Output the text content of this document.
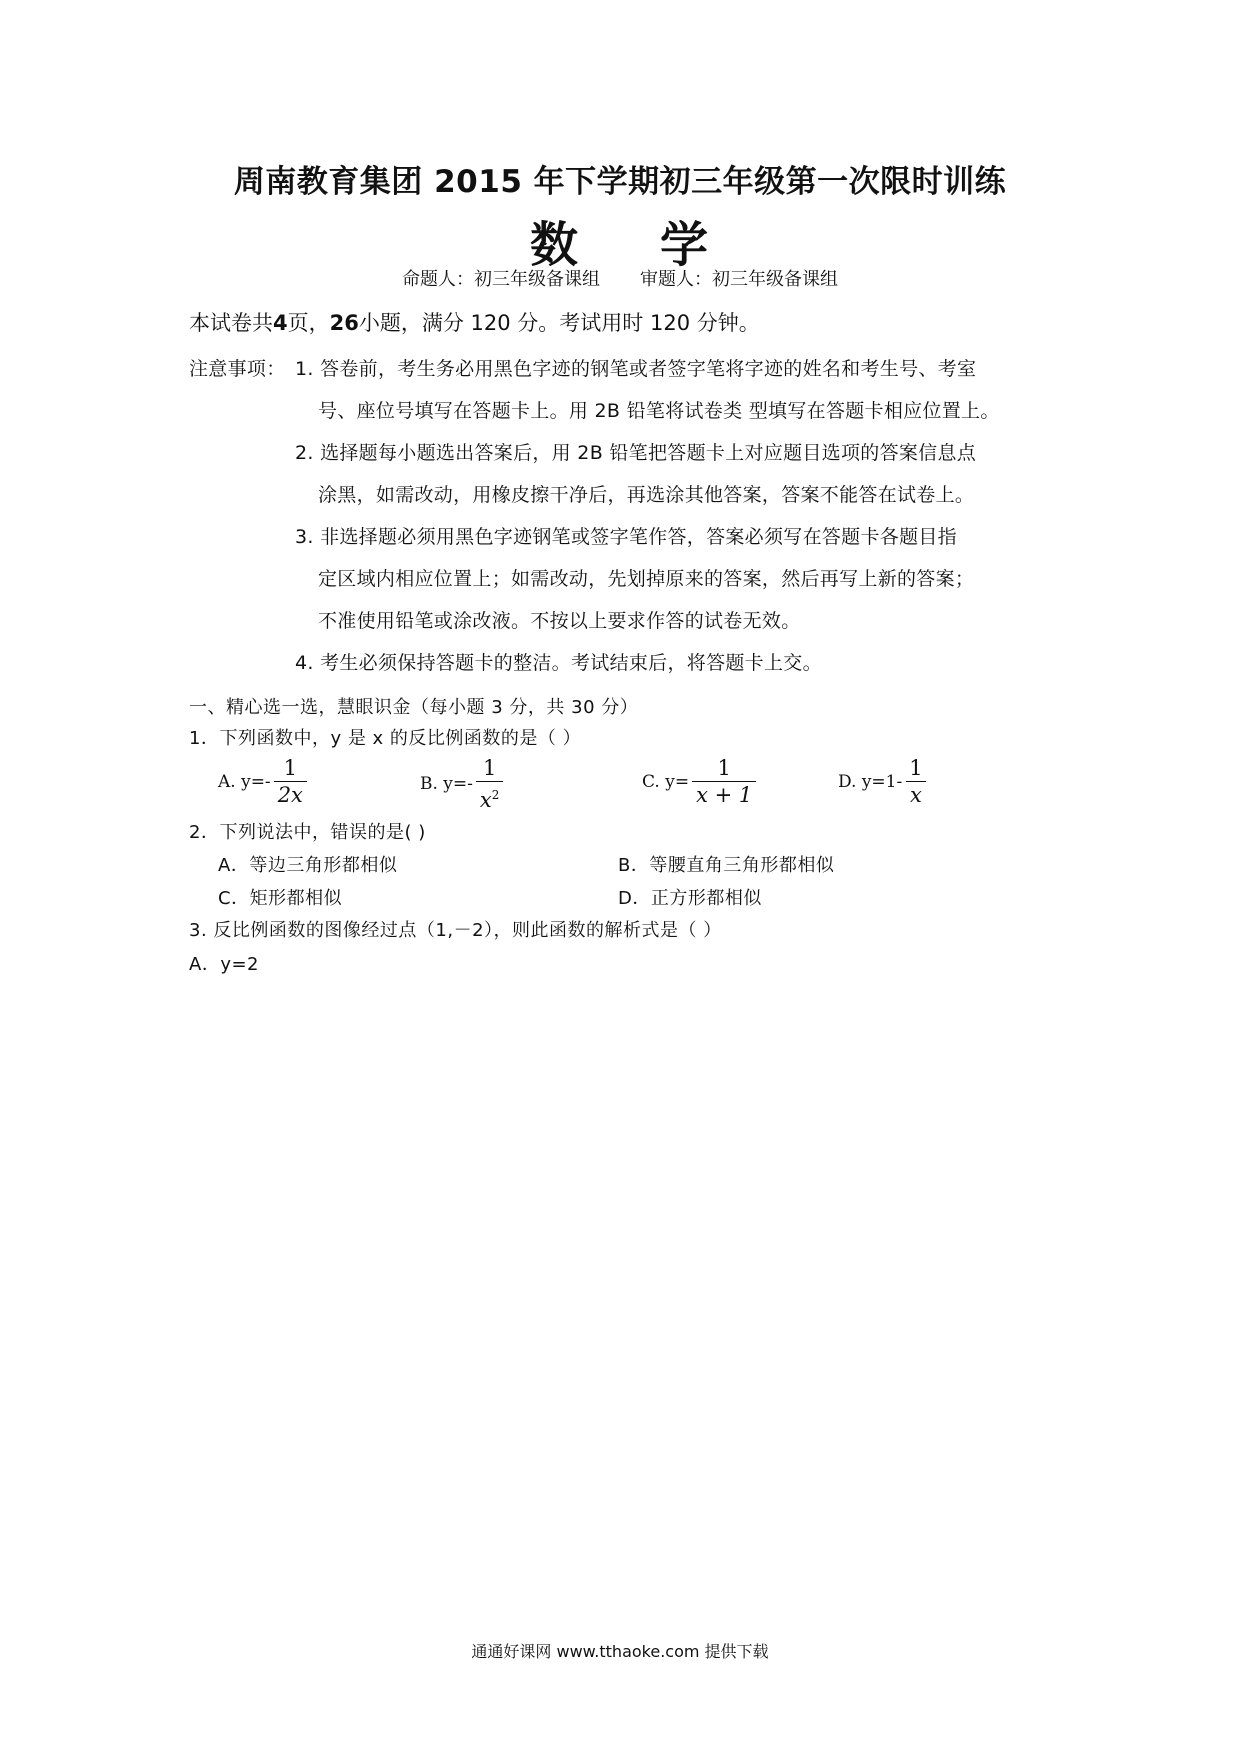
周南教育集团 2015 年下学期初三年级第一次限时训练
数 学
命题人：初三年级备课组 审题人：初三年级备课组
本试卷共4页，26小题，满分 120 分。考试用时 120 分钟。
注意事项： 1. 答卷前，考生务必用黑色字迹的钢笔或者签字笔将字迹的姓名和考生号、考室
号、座位号填写在答题卡上。用 2B 铅笔将试卷类 型填写在答题卡相应位置上。
2. 选择题每小题选出答案后，用 2B 铅笔把答题卡上对应题目选项的答案信息点
涂黑，如需改动，用橡皮擦干净后，再选涂其他答案，答案不能答在试卷上。
3. 非选择题必须用黑色字迹钢笔或签字笔作答，答案必须写在答题卡各题目指
定区域内相应位置上；如需改动，先划掉原来的答案，然后再写上新的答案；
不准使用铅笔或涂改液。不按以上要求作答的试卷无效。
4. 考生必须保持答题卡的整洁。考试结束后，将答题卡上交。
一、精心选一选，慧眼识金（每小题 3 分，共 30 分）
1．下列函数中，y 是 x 的反比例函数的是（ ）
A. $y=- \frac{1}{2x}$	B. $y=- \frac{1}{x^2}$	C. $y= \frac{1}{x + 1}$	D. $y=1- \frac{1}{x}$
2．下列说法中，错误的是( )
A．等边三角形都相似	B．等腰直角三角形都相似
C．矩形都相似	D．正方形都相似
3. 反比例函数的图像经过点（1,－2），则此函数的解析式是（ ）
A．y=2
通通好课网 www.tthaoke.com 提供下载
